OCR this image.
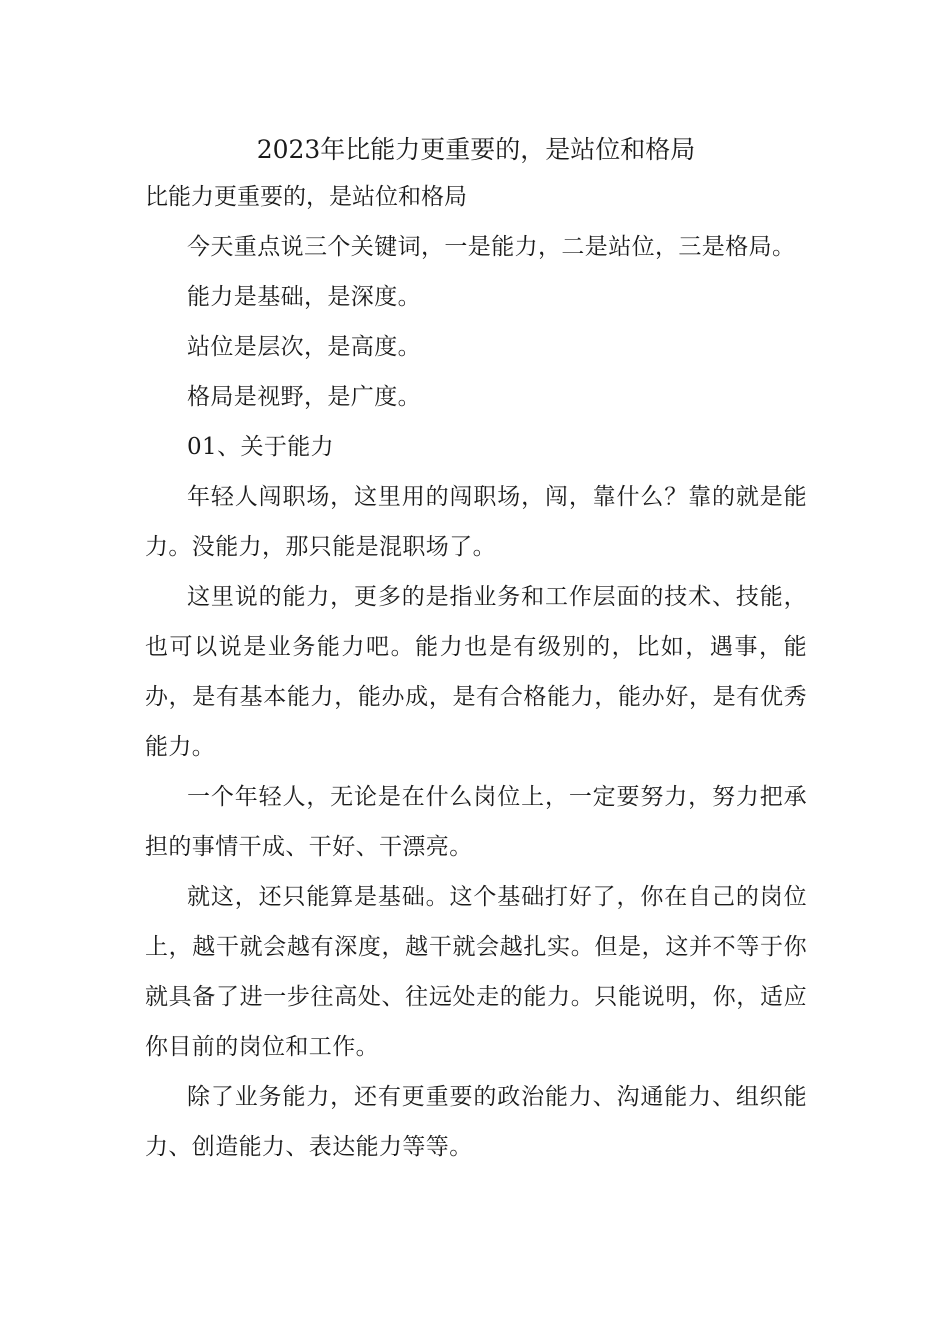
2023年比能力更重要的，是站位和格局

比能力更重要的，是站位和格局

今天重点说三个关键词，一是能力，二是站位，三是格局。

能力是基础，是深度。

站位是层次，是高度。

格局是视野，是广度。

01、关于能力

年轻人闯职场，这里用的闯职场，闯，靠什么？靠的就是能力。没能力，那只能是混职场了。

这里说的能力，更多的是指业务和工作层面的技术、技能，也可以说是业务能力吧。能力也是有级别的，比如，遇事，能办，是有基本能力，能办成，是有合格能力，能办好，是有优秀能力。

一个年轻人，无论是在什么岗位上，一定要努力，努力把承担的事情干成、干好、干漂亮。

就这，还只能算是基础。这个基础打好了，你在自己的岗位上，越干就会越有深度，越干就会越扎实。但是，这并不等于你就具备了进一步往高处、往远处走的能力。只能说明，你，适应你目前的岗位和工作。

除了业务能力，还有更重要的政治能力、沟通能力、组织能力、创造能力、表达能力等等。
